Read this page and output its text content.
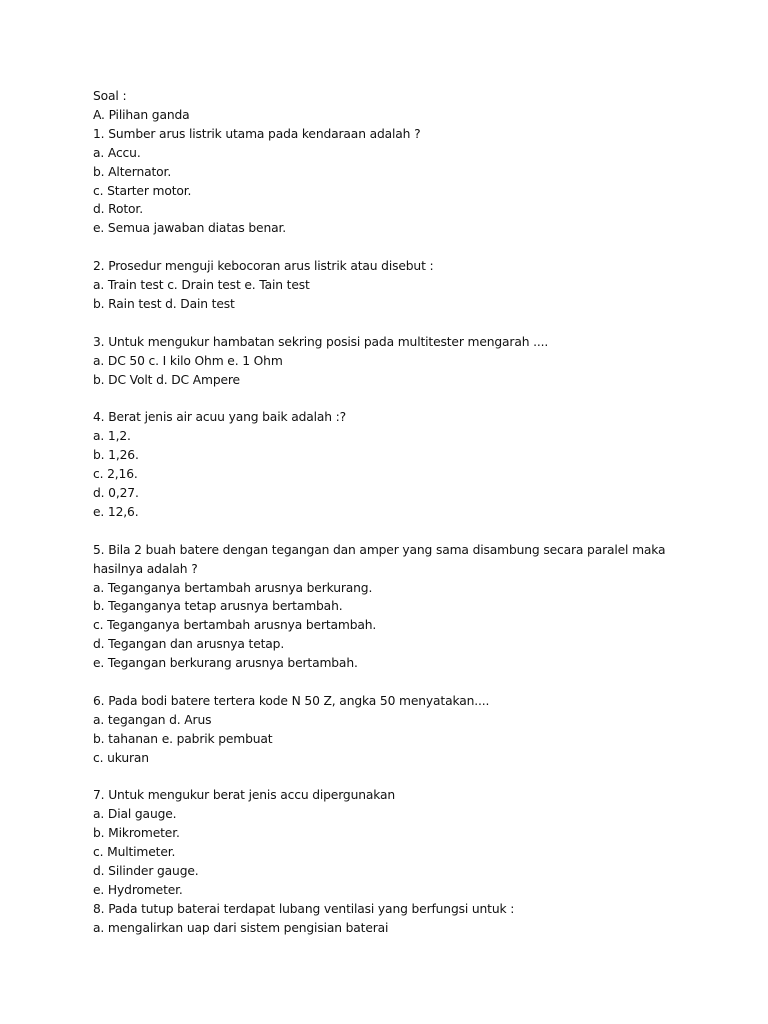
Soal :
A. Pilihan ganda
1. Sumber arus listrik utama pada kendaraan adalah ?
a. Accu.
b. Alternator.
c. Starter motor.
d. Rotor.
e. Semua jawaban diatas benar.
2. Prosedur menguji kebocoran arus listrik atau disebut :
a. Train test c. Drain test e. Tain test
b. Rain test d. Dain test
3. Untuk mengukur hambatan sekring posisi pada multitester mengarah ....
a. DC 50 c. I kilo Ohm e. 1 Ohm
b. DC Volt d. DC Ampere
4. Berat jenis air acuu yang baik adalah :?
a. 1,2.
b. 1,26.
c. 2,16.
d. 0,27.
e. 12,6.
5. Bila 2 buah batere dengan tegangan dan amper yang sama disambung secara paralel maka
hasilnya adalah ?
a. Teganganya bertambah arusnya berkurang.
b. Teganganya tetap arusnya bertambah.
c. Teganganya bertambah arusnya bertambah.
d. Tegangan dan arusnya tetap.
e. Tegangan berkurang arusnya bertambah.
6. Pada bodi batere tertera kode N 50 Z, angka 50 menyatakan....
a. tegangan d. Arus
b. tahanan e. pabrik pembuat
c. ukuran
7. Untuk mengukur berat jenis accu dipergunakan
a. Dial gauge.
b. Mikrometer.
c. Multimeter.
d. Silinder gauge.
e. Hydrometer.
8. Pada tutup baterai terdapat lubang ventilasi yang berfungsi untuk :
a. mengalirkan uap dari sistem pengisian baterai
